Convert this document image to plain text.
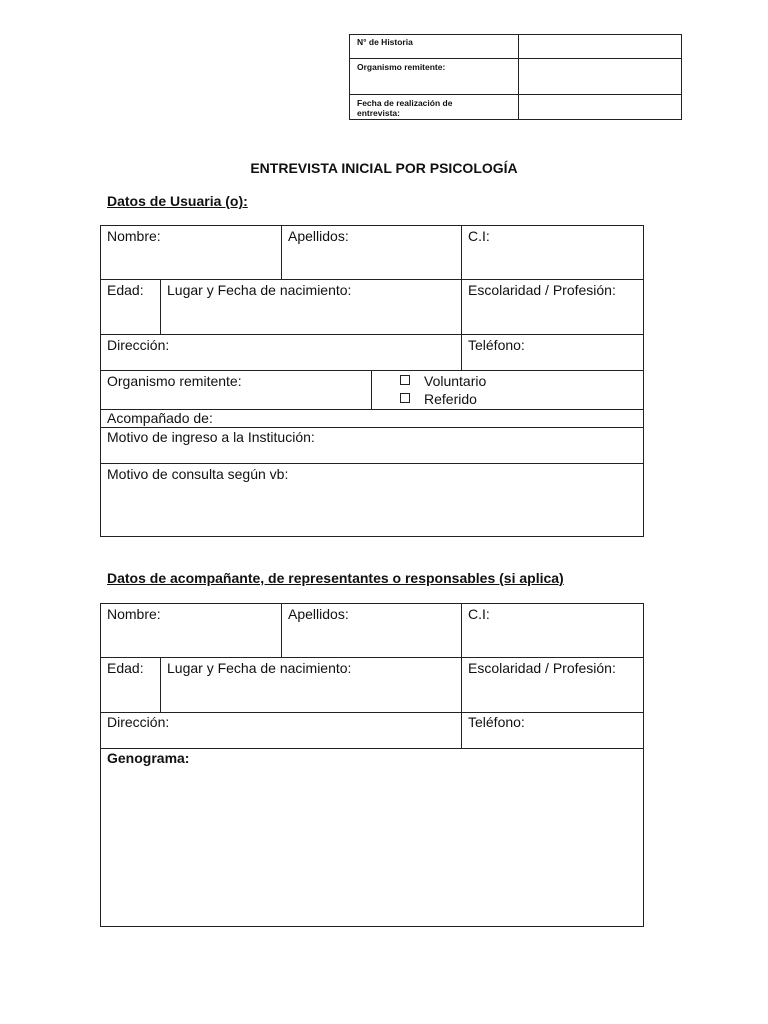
N° de Historia
Organismo remitente:
Fecha de realización de
entrevista:
ENTREVISTA INICIAL POR PSICOLOGÍA
Datos de Usuaria (o):
Nombre:	Apellidos:	C.I:
Edad: Lugar y Fecha de nacimiento:	Escolaridad / Profesión:
Dirección:	Teléfono:
Organismo remitente:	Voluntario
Referido
Acompañado de:
Motivo de ingreso a la Institución:
Motivo de consulta según vb:
Datos de acompañante, de representantes o responsables (si aplica)
Nombre:	Apellidos:	C.I:
Edad: Lugar y Fecha de nacimiento:	Escolaridad / Profesión:
Dirección:	Teléfono:
Genograma:
